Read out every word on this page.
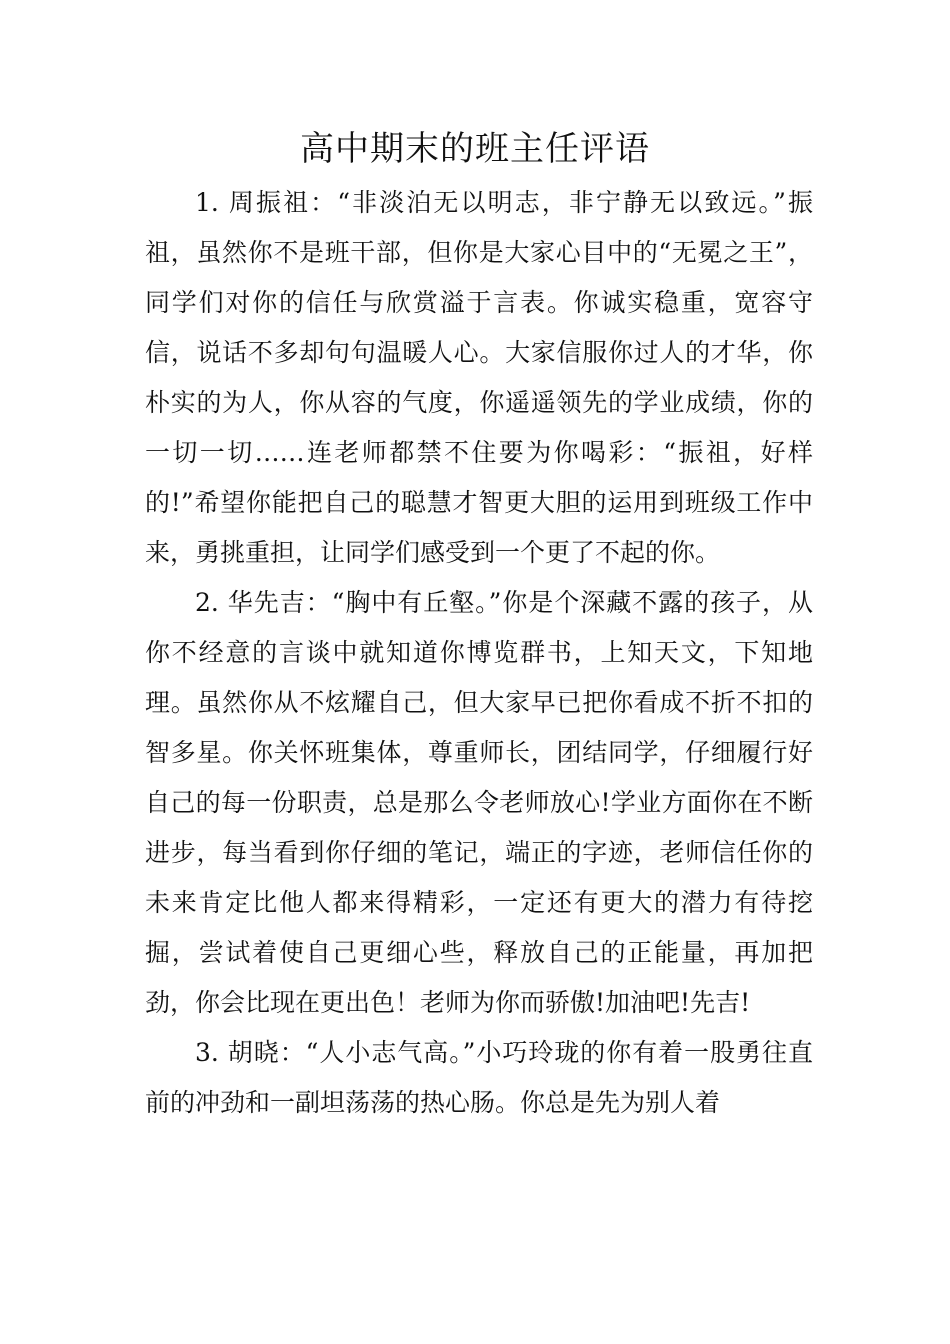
高中期末的班主任评语

1. 周振祖：“非淡泊无以明志，非宁静无以致远。”振祖，虽然你不是班干部，但你是大家心目中的“无冕之王”，同学们对你的信任与欣赏溢于言表。你诚实稳重，宽容守信，说话不多却句句温暖人心。大家信服你过人的才华，你朴实的为人，你从容的气度，你遥遥领先的学业成绩，你的一切一切……连老师都禁不住要为你喝彩：“振祖，好样的!”希望你能把自己的聪慧才智更大胆的运用到班级工作中来，勇挑重担，让同学们感受到一个更了不起的你。

2. 华先吉：“胸中有丘壑。”你是个深藏不露的孩子，从你不经意的言谈中就知道你博览群书，上知天文，下知地理。虽然你从不炫耀自己，但大家早已把你看成不折不扣的智多星。你关怀班集体，尊重师长，团结同学，仔细履行好自己的每一份职责，总是那么令老师放心!学业方面你在不断进步，每当看到你仔细的笔记，端正的字迹，老师信任你的未来肯定比他人都来得精彩，一定还有更大的潜力有待挖掘，尝试着使自己更细心些，释放自己的正能量，再加把劲，你会比现在更出色！老师为你而骄傲!加油吧!先吉!

3. 胡晓：“人小志气高。”小巧玲珑的你有着一股勇往直前的冲劲和一副坦荡荡的热心肠。你总是先为别人着
